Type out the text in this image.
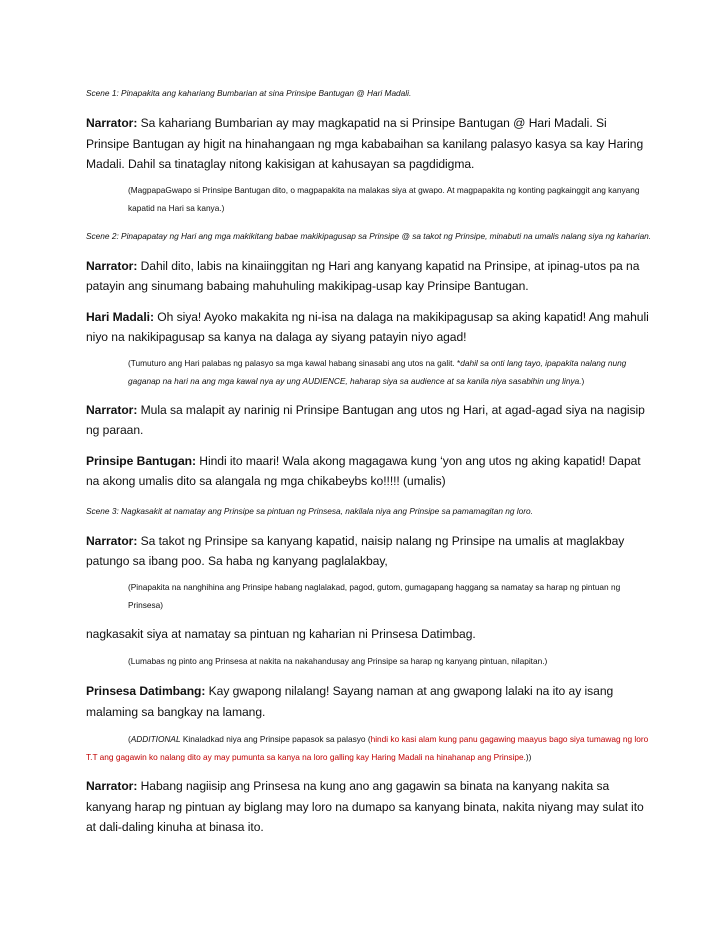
Scene 1: Pinapakita ang kahariang Bumbarian at sina Prinsipe Bantugan @ Hari Madali.

Narrator: Sa kahariang Bumbarian ay may magkapatid na si Prinsipe Bantugan @ Hari Madali. Si Prinsipe Bantugan ay higit na hinahangaan ng mga kababaihan sa kanilang palasyo kasya sa kay Haring Madali. Dahil sa tinataglay nitong kakisigan at kahusayan sa pagdidigma.

(MagpapaGwapo si Prinsipe Bantugan dito, o magpapakita na malakas siya at gwapo. At magpapakita ng konting pagkainggit ang kanyang kapatid na Hari sa kanya.)

Scene 2: Pinapapatay ng Hari ang mga makikitang babae makikipagusap sa Prinsipe @ sa takot ng Prinsipe, minabuti na umalis nalang siya ng kaharian.

Narrator: Dahil dito, labis na kinaiinggitan ng Hari ang kanyang kapatid na Prinsipe, at ipinag-utos pa na patayin ang sinumang babaing mahuhuling makikipag-usap kay Prinsipe Bantugan.

Hari Madali: Oh siya! Ayoko makakita ng ni-isa na dalaga na makikipagusap sa aking kapatid! Ang mahuli niyo na nakikipagusap sa kanya na dalaga ay siyang patayin niyo agad!

(Tumuturo ang Hari palabas ng palasyo sa mga kawal habang sinasabi ang utos na galit. *dahil sa onti lang tayo, ipapakita nalang nung gaganap na hari na ang mga kawal nya ay ung AUDIENCE, haharap siya sa audience at sa kanila niya sasabihin ung linya.)

Narrator: Mula sa malapit ay narinig ni Prinsipe Bantugan ang utos ng Hari, at agad-agad siya na nagisip ng paraan.

Prinsipe Bantugan: Hindi ito maari! Wala akong magagawa kung ‘yon ang utos ng aking kapatid! Dapat na akong umalis dito sa alangala ng mga chikabeybs ko!!!!! (umalis)

Scene 3: Nagkasakit at namatay ang Prinsipe sa pintuan ng Prinsesa, nakilala niya ang Prinsipe sa pamamagitan ng loro.

Narrator: Sa takot ng Prinsipe sa kanyang kapatid, naisip nalang ng Prinsipe na umalis at maglakbay patungo sa ibang poo. Sa haba ng kanyang paglalakbay,

(Pinapakita na nanghihina ang Prinsipe habang naglalakad, pagod, gutom, gumagapang haggang sa namatay sa harap ng pintuan ng Prinsesa)

nagkasakit siya at namatay sa pintuan ng kaharian ni Prinsesa Datimbag.

(Lumabas ng pinto ang Prinsesa at nakita na nakahandusay ang Prinsipe sa harap ng kanyang pintuan, nilapitan.)

Prinsesa Datimbang: Kay gwapong nilalang! Sayang naman at ang gwapong lalaki na ito ay isang malaming sa bangkay na lamang.

(ADDITIONAL Kinaladkad niya ang Prinsipe papasok sa palasyo (hindi ko kasi alam kung panu gagawing maayus bago siya tumawag ng loro T.T ang gagawin ko nalang dito ay may pumunta sa kanya na loro galling kay Haring Madali na hinahanap ang Prinsipe.))

Narrator: Habang nagiisip ang Prinsesa na kung ano ang gagawin sa binata na kanyang nakita sa kanyang harap ng pintuan ay biglang may loro na dumapo sa kanyang binata, nakita niyang may sulat ito at dali-daling kinuha at binasa ito.
